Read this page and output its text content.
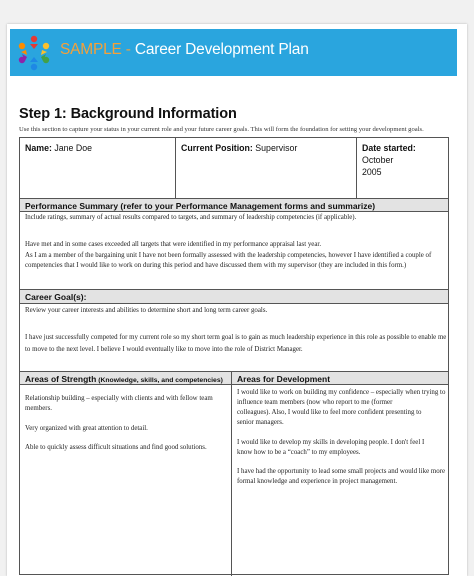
SAMPLE - Career Development Plan
Step 1: Background Information
Use this section to capture your status in your current role and your future career goals. This will form the foundation for setting your development goals.
Name: Jane Doe	Current Position: Supervisor	Date started: October
2005
Performance Summary (refer to your Performance Management forms and summarize)
Include ratings, summary of actual results compared to targets, and summary of leadership competencies (if applicable).
Have met and in some cases exceeded all targets that were identified in my performance appraisal last year.
As I am a member of the bargaining unit I have not been formally assessed with the leadership competencies, however I have identified a couple of
competencies that I would like to work on during this period and have discussed them with my supervisor (they are included in this form.)
Career Goal(s):
Review your career interests and abilities to determine short and long term career goals.
I have just successfully competed for my current role so my short term goal is to gain as much leadership experience in this role as possible to enable me
to move to the next level. I believe I would eventually like to move into the role of District Manager.
Areas of Strength (Knowledge, skills, and competencies) Areas for Development
Relationship building – especially with clients and with fellow team
members.
Very organized with great attention to detail.
Able to quickly assess difficult situations and find good solutions.
I would like to work on building my confidence – especially when trying to
influence team members (now who report to me (former
colleagues). Also, I would like to feel more confident presenting to
senior managers.
I would like to develop my skills in developing people. I don't feel I
know how to be a “coach” to my employees.
I have had the opportunity to lead some small projects and would like more
formal knowledge and experience in project management.
